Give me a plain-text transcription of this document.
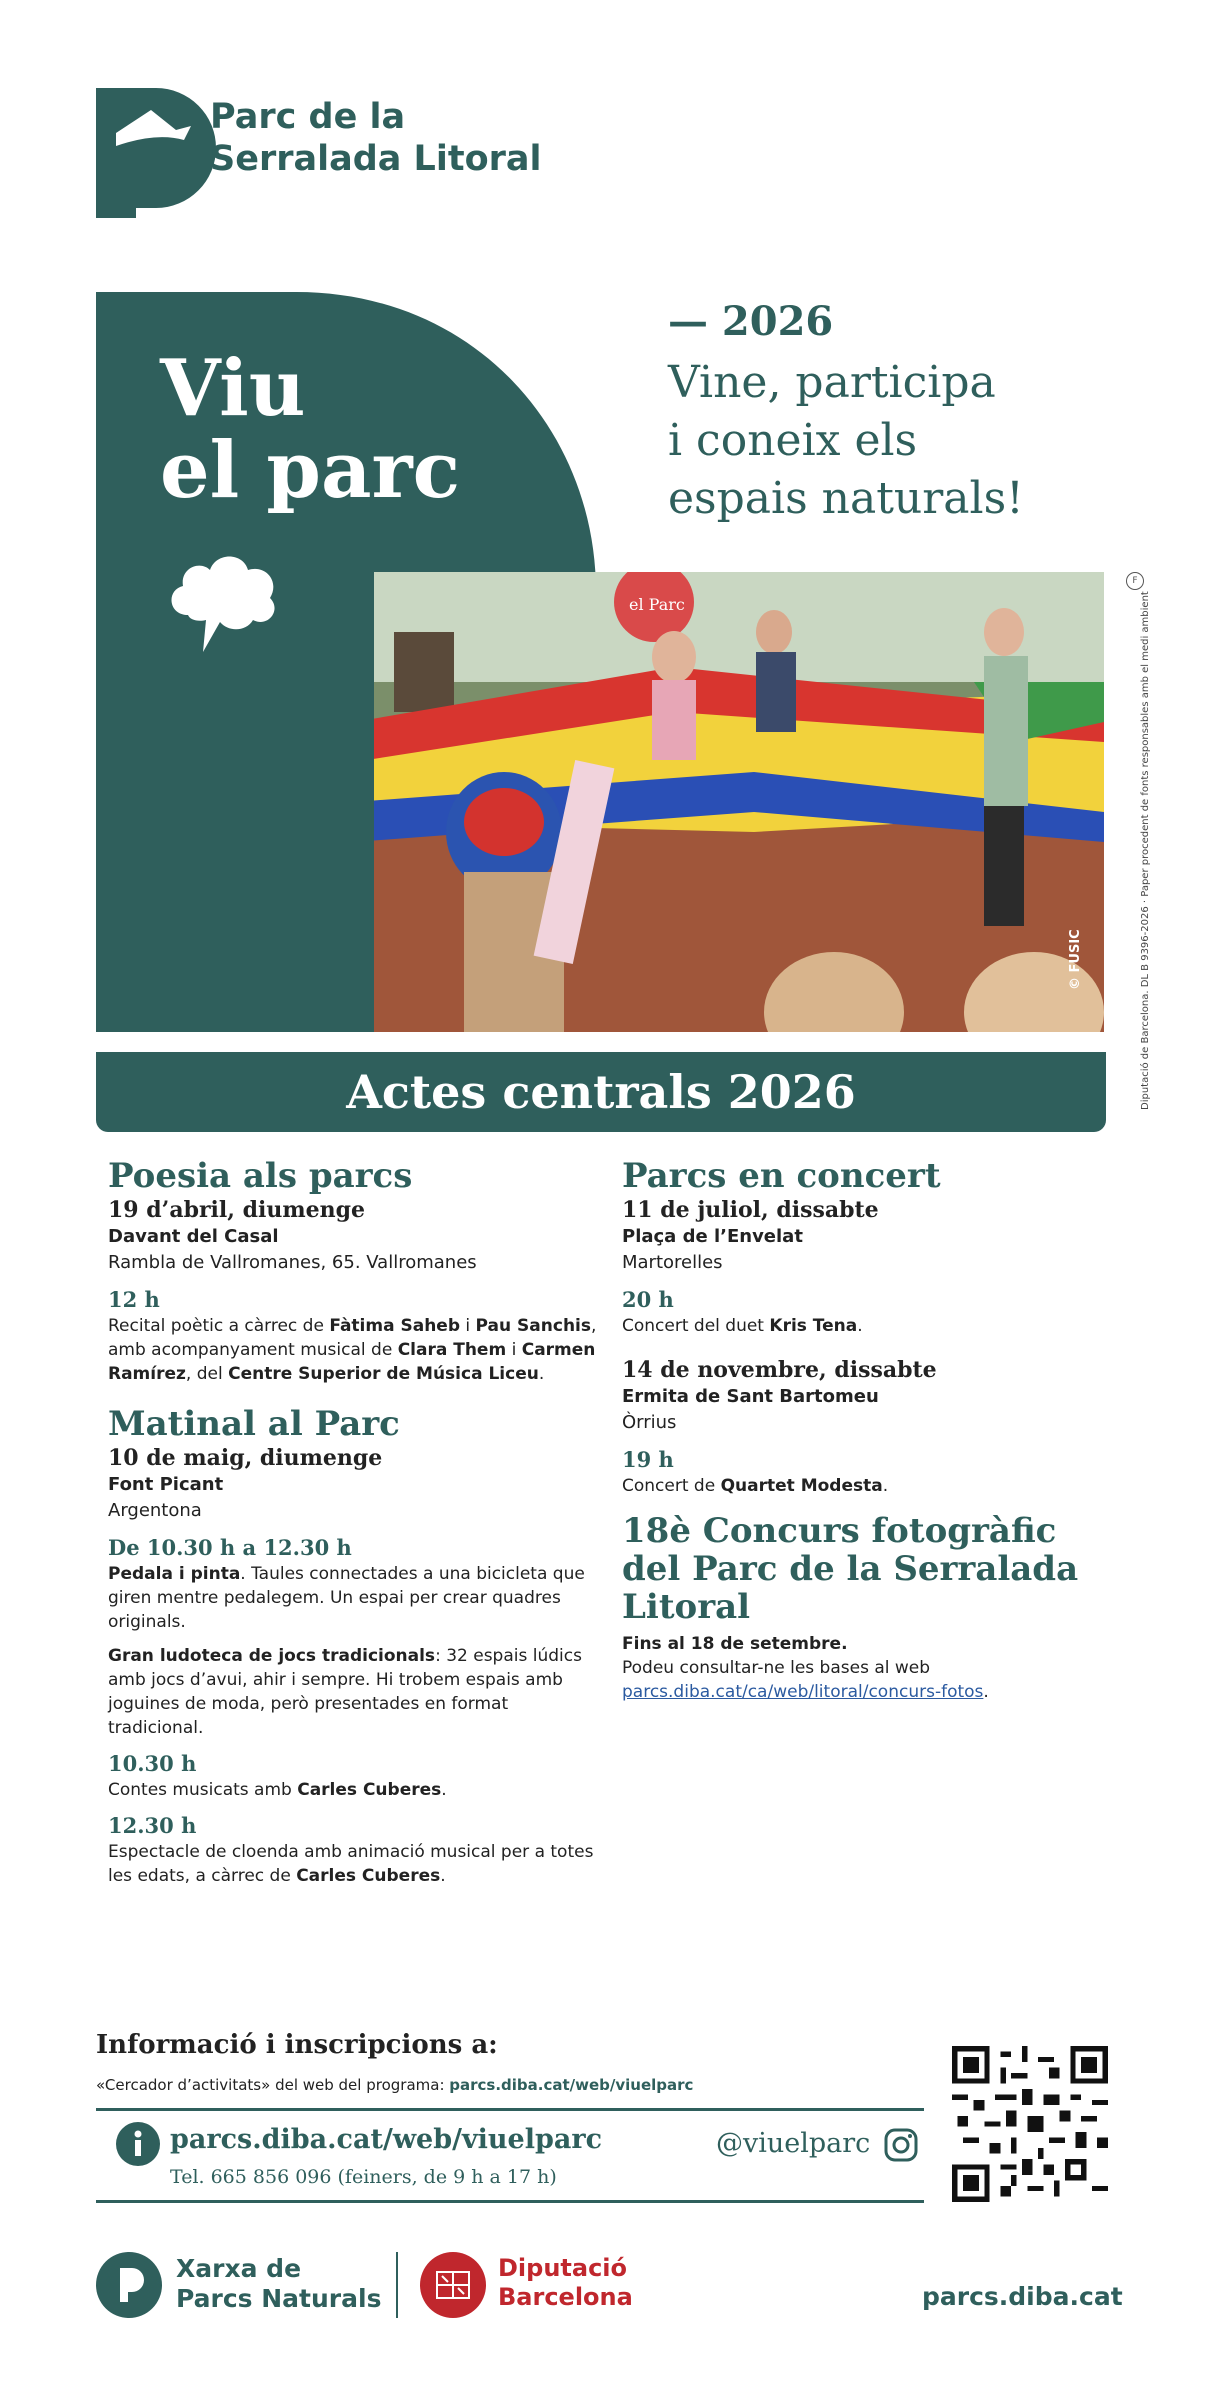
Parc de la
Serralada Litoral
Viu
el parc
— 2026
Vine, participa
i coneix els
espais naturals!
el Parc
© FUSIC
F
Diputació de Barcelona. DL B 9396-2026 · Paper procedent de fonts responsables amb el medi ambient
Actes centrals 2026
Poesia als parcs
19 d’abril, diumenge
Davant del Casal
Rambla de Vallromanes, 65. Vallromanes
12 h
Recital poètic a càrrec de Fàtima Saheb i Pau Sanchis, amb acompanyament musical de Clara Them i Carmen Ramírez, del Centre Superior de Música Liceu.
Matinal al Parc
10 de maig, diumenge
Font Picant
Argentona
De 10.30 h a 12.30 h
Pedala i pinta. Taules connectades a una bicicleta que giren mentre pedalegem. Un espai per crear quadres originals.
Gran ludoteca de jocs tradicionals: 32 espais lúdics amb jocs d’avui, ahir i sempre. Hi trobem espais amb joguines de moda, però presentades en format tradicional.
10.30 h
Contes musicats amb Carles Cuberes.
12.30 h
Espectacle de cloenda amb animació musical per a totes les edats, a càrrec de Carles Cuberes.
Parcs en concert
11 de juliol, dissabte
Plaça de l’Envelat
Martorelles
20 h
Concert del duet Kris Tena.
14 de novembre, dissabte
Ermita de Sant Bartomeu
Òrrius
19 h
Concert de Quartet Modesta.
18è Concurs fotogràfic del Parc de la Serralada Litoral
Fins al 18 de setembre.
Podeu consultar-ne les bases al web
parcs.diba.cat/ca/web/litoral/concurs-fotos.
Informació i inscripcions a:
«Cercador d’activitats» del web del programa: parcs.diba.cat/web/viuelparc
parcs.diba.cat/web/viuelparc
Tel. 665 856 096 (feiners, de 9 h a 17 h)
@viuelparc
Xarxa de
Parcs Naturals
Diputació
Barcelona	parcs.diba.cat
